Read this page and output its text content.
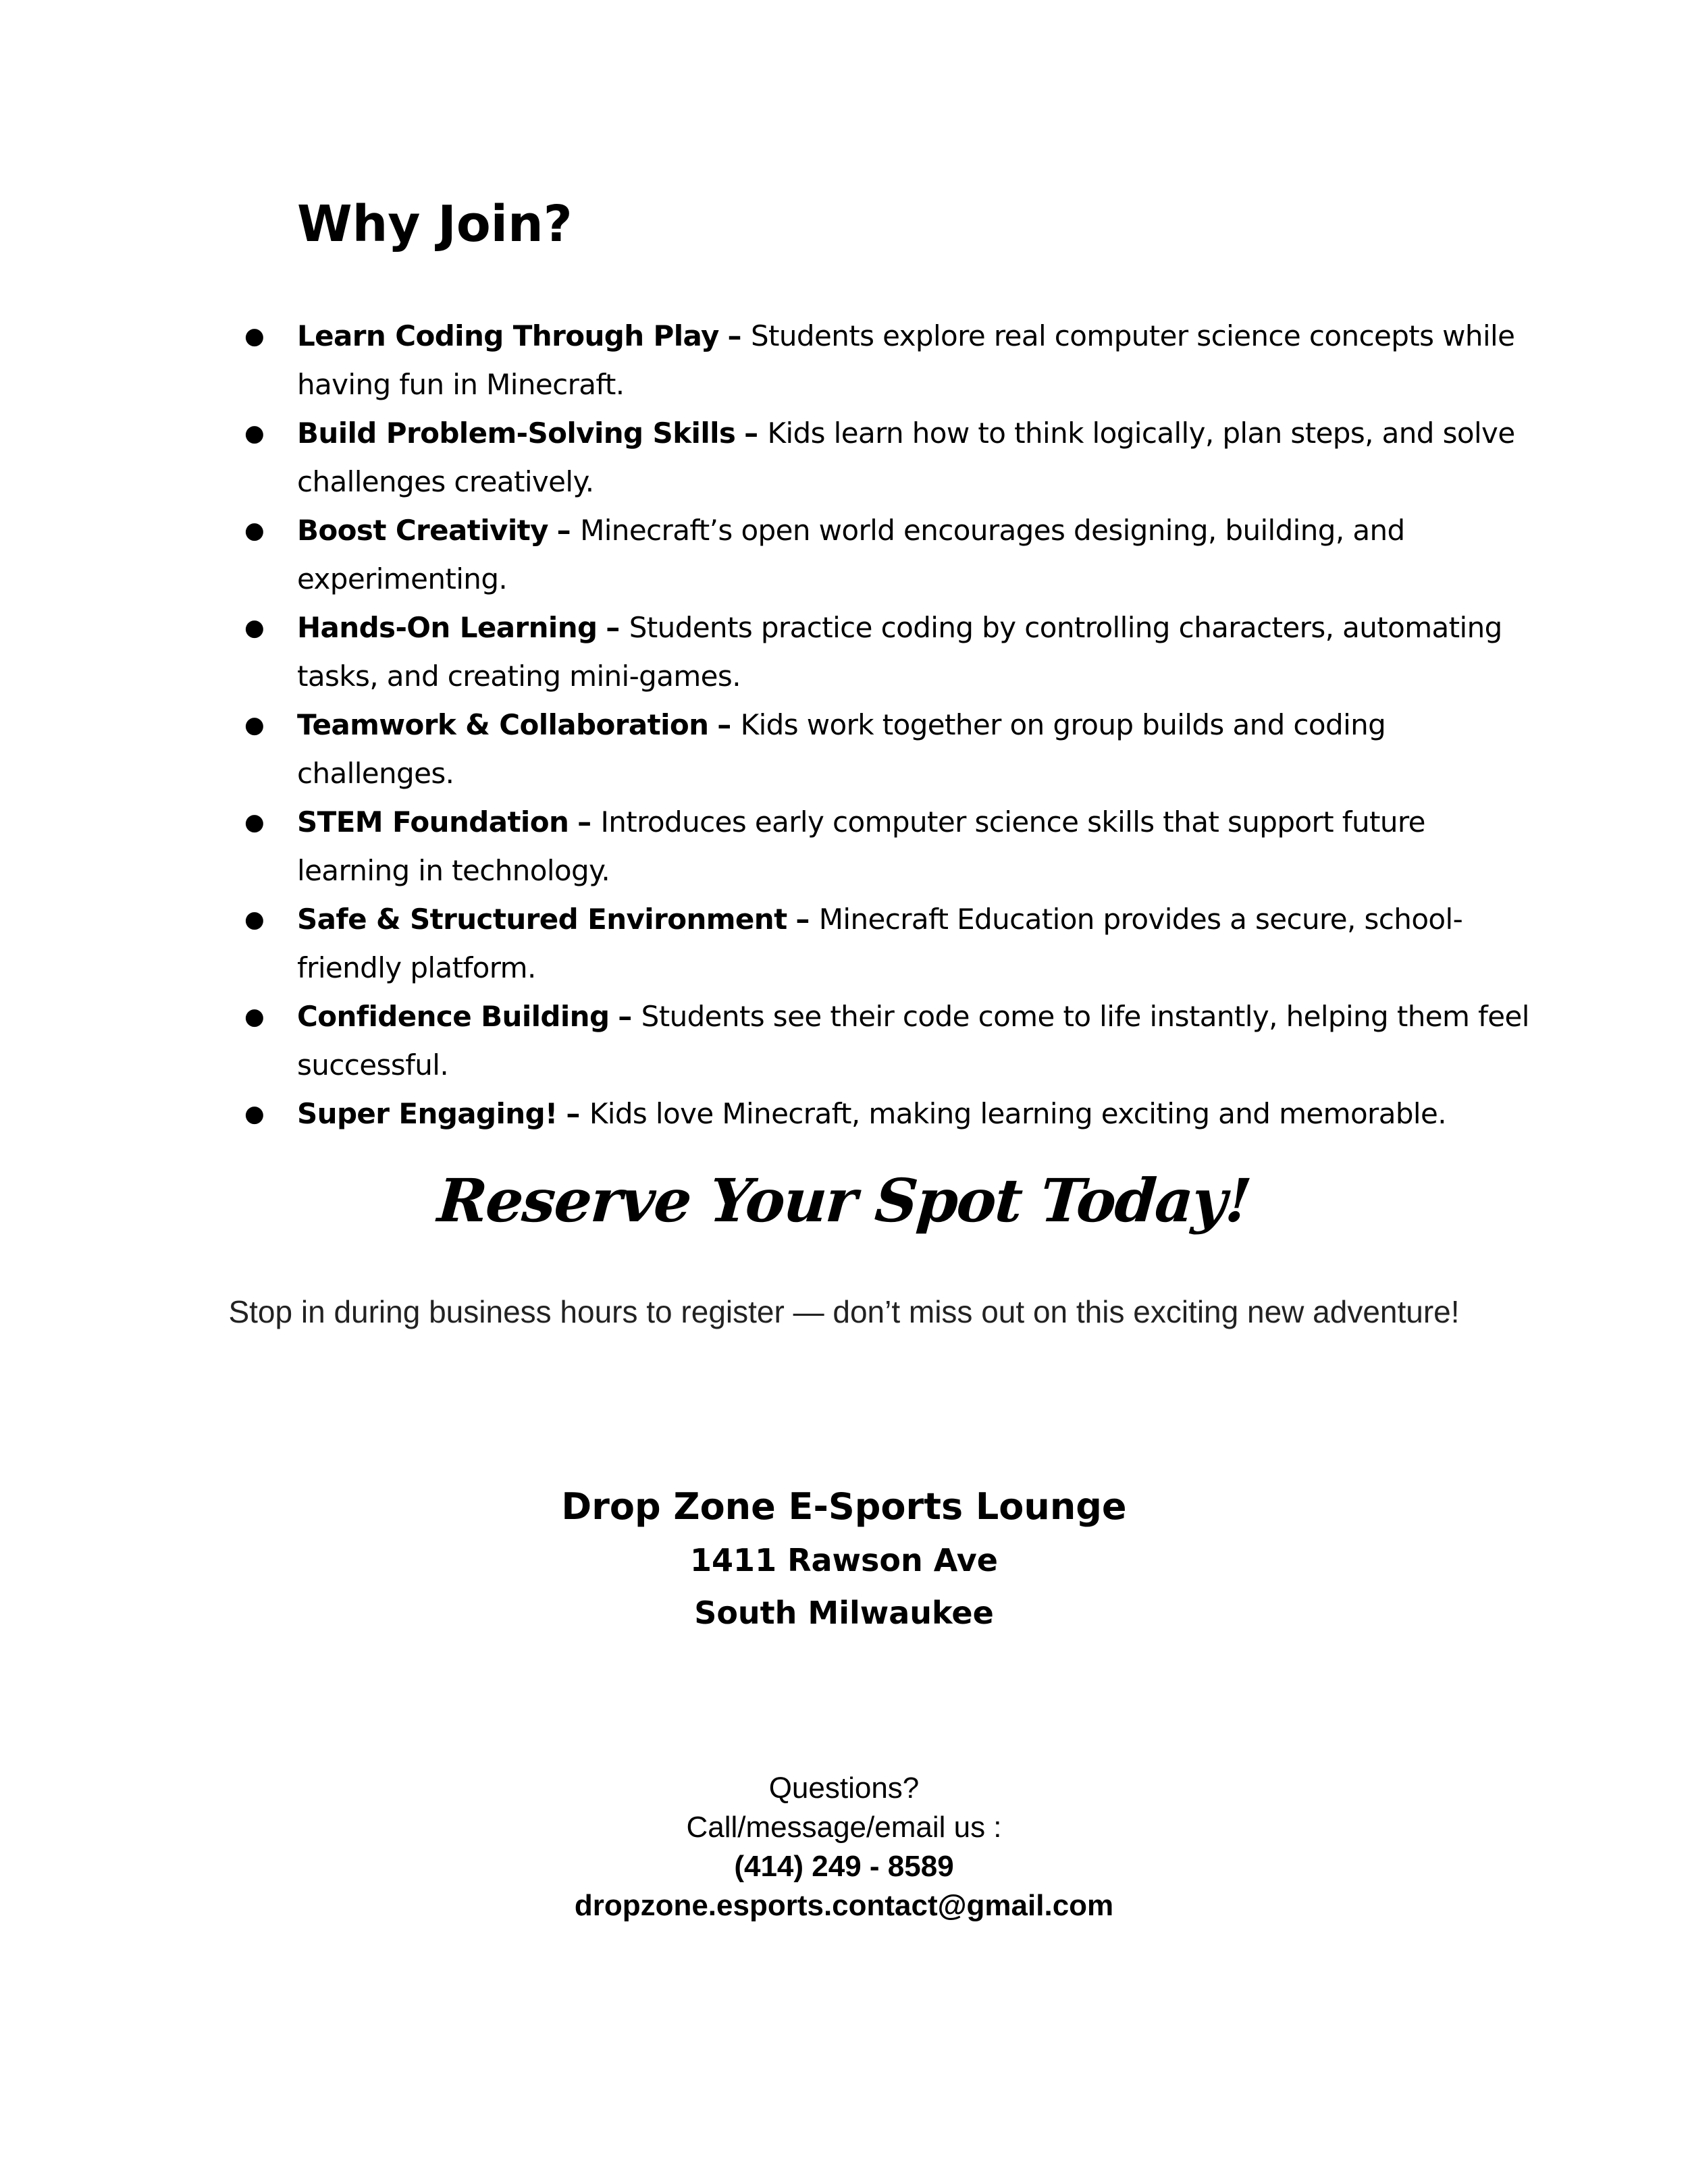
Why Join?
● Learn Coding Through Play – Students explore real computer science concepts while having fun in Minecraft.
● Build Problem-Solving Skills – Kids learn how to think logically, plan steps, and solve challenges creatively.
● Boost Creativity – Minecraft’s open world encourages designing, building, and experimenting.
● Hands-On Learning – Students practice coding by controlling characters, automating tasks, and creating mini-games.
● Teamwork & Collaboration – Kids work together on group builds and coding challenges.
● STEM Foundation – Introduces early computer science skills that support future learning in technology.
● Safe & Structured Environment – Minecraft Education provides a secure, school-friendly platform.
● Confidence Building – Students see their code come to life instantly, helping them feel successful.
● Super Engaging! – Kids love Minecraft, making learning exciting and memorable.
Reserve Your Spot Today!

Stop in during business hours to register — don’t miss out on this exciting new adventure!

Drop Zone E-Sports Lounge
1411 Rawson Ave
South Milwaukee
Questions?
Call/message/email us :
(414) 249 - 8589
dropzone.esports.contact@gmail.com
